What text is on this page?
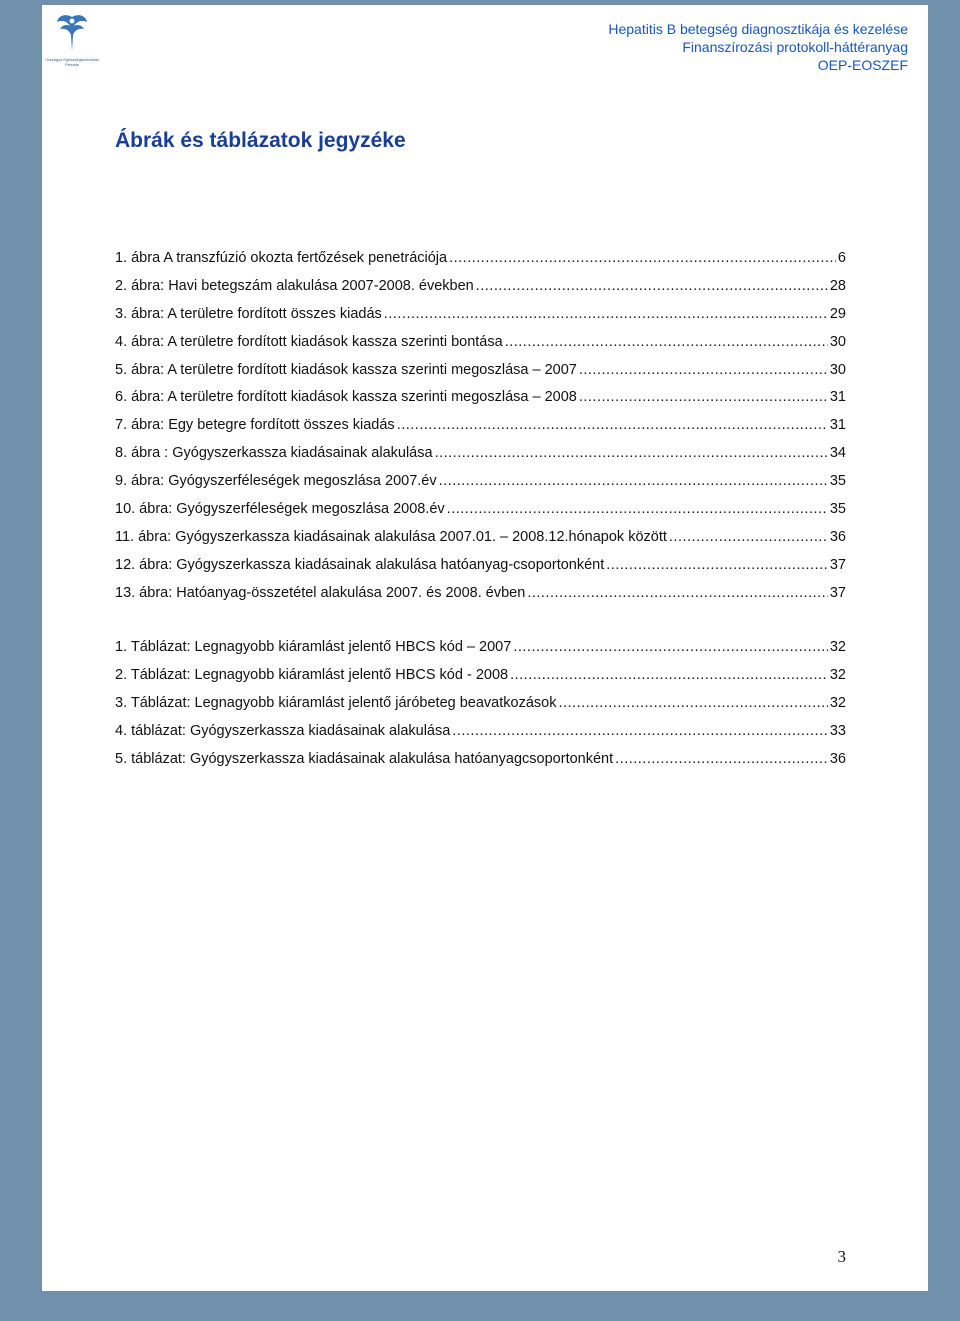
Országos Egészségbiztosítási Pénztár
Hepatitis B betegség diagnosztikája és kezelése
Finanszírozási protokoll-háttéranyag
OEP-EOSZEF
Ábrák és táblázatok jegyzéke
1. ábra A transzfúzió okozta fertőzések penetrációja .....	6
2. ábra: Havi betegszám alakulása 2007-2008. években .....	28
3. ábra: A területre fordított összes kiadás .....	29
4. ábra: A területre fordított kiadások kassza szerinti bontása .....	30
5. ábra: A területre fordított kiadások kassza szerinti megoszlása – 2007 .....	30
6. ábra: A területre fordított kiadások kassza szerinti megoszlása – 2008 .....	31
7. ábra: Egy betegre fordított összes kiadás .....	31
8. ábra : Gyógyszerkassza kiadásainak alakulása .....	34
9. ábra: Gyógyszerféleségek megoszlása 2007.év .....	35
10. ábra: Gyógyszerféleségek megoszlása 2008.év .....	35
11. ábra: Gyógyszerkassza kiadásainak alakulása 2007.01. – 2008.12.hónapok között .....	36
12. ábra: Gyógyszerkassza kiadásainak alakulása hatóanyag-csoportonként .....	37
13. ábra: Hatóanyag-összetétel alakulása 2007. és 2008. évben .....	37
1. Táblázat: Legnagyobb kiáramlást jelentő HBCS kód – 2007 .....	32
2. Táblázat: Legnagyobb kiáramlást jelentő HBCS kód - 2008 .....	32
3. Táblázat: Legnagyobb kiáramlást jelentő járóbeteg beavatkozások .....	32
4. táblázat: Gyógyszerkassza kiadásainak alakulása .....	33
5. táblázat: Gyógyszerkassza kiadásainak alakulása hatóanyagcsoportonként .....	36
3
